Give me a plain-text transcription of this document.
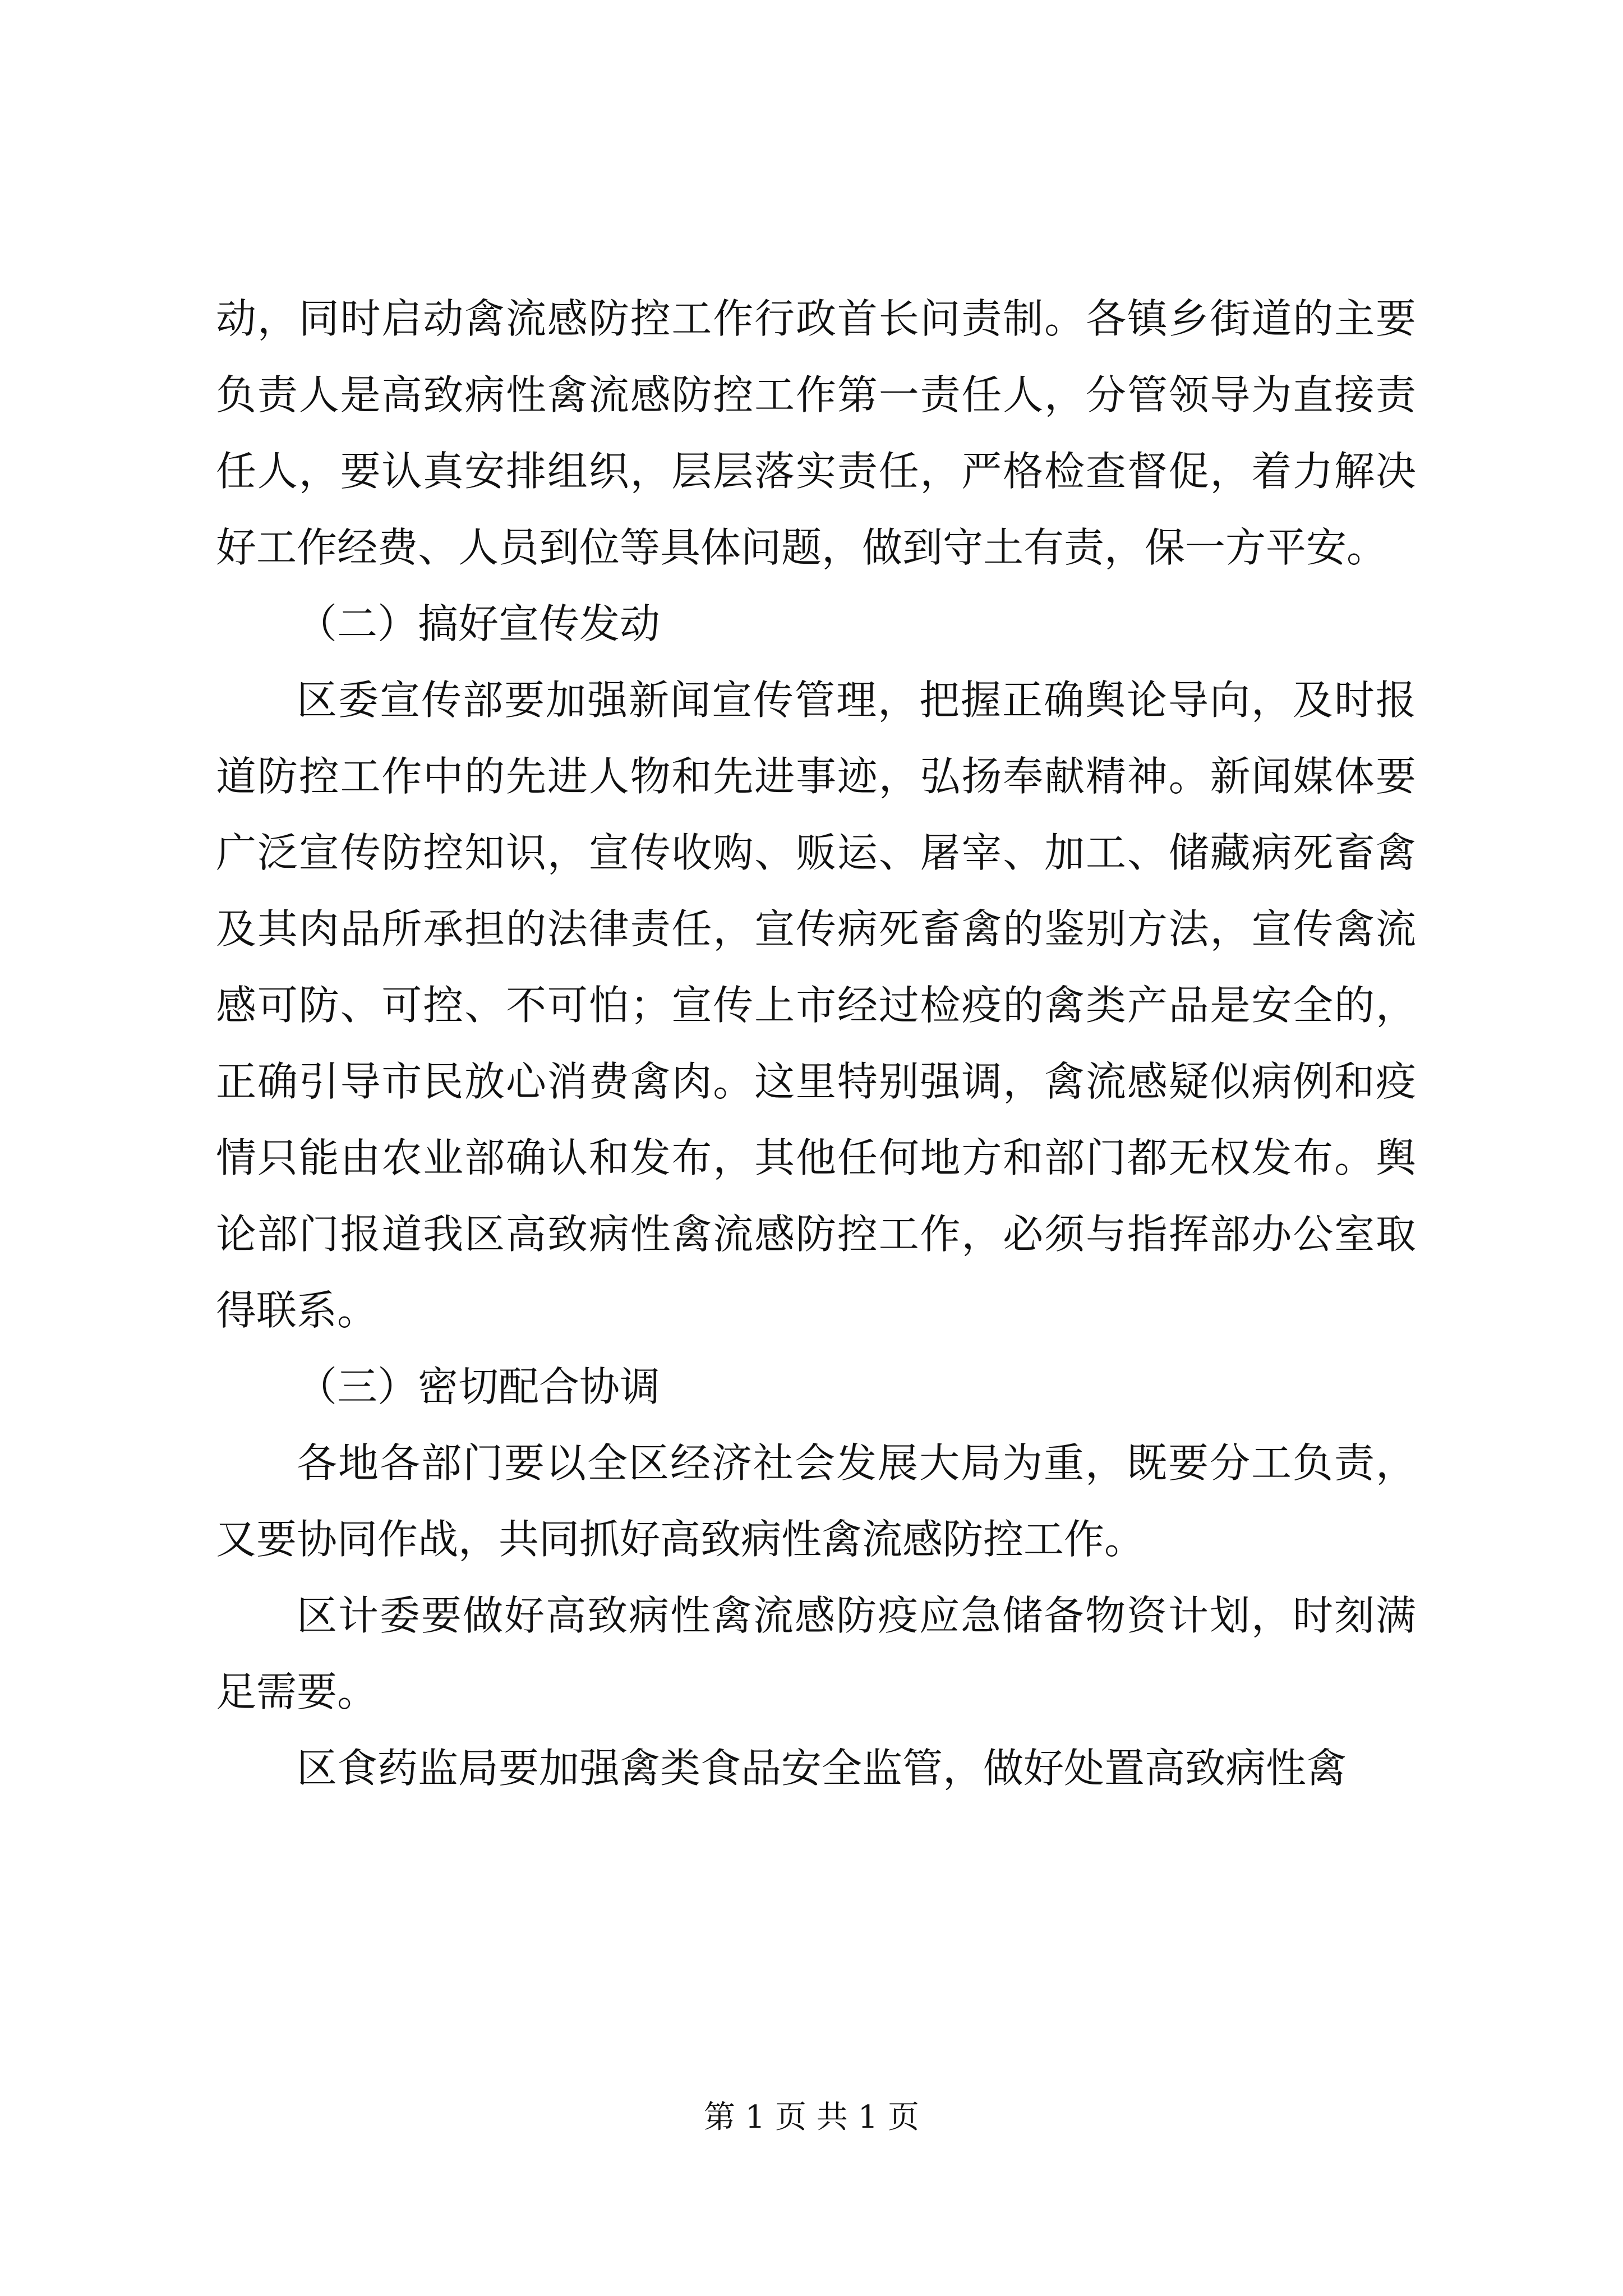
动，同时启动禽流感防控工作行政首长问责制。各镇乡街道的主要负责人是高致病性禽流感防控工作第一责任人，分管领导为直接责任人，要认真安排组织，层层落实责任，严格检查督促，着力解决好工作经费、人员到位等具体问题，做到守土有责，保一方平安。

（二）搞好宣传发动

区委宣传部要加强新闻宣传管理，把握正确舆论导向，及时报道防控工作中的先进人物和先进事迹，弘扬奉献精神。新闻媒体要广泛宣传防控知识，宣传收购、贩运、屠宰、加工、储藏病死畜禽及其肉品所承担的法律责任，宣传病死畜禽的鉴别方法，宣传禽流感可防、可控、不可怕；宣传上市经过检疫的禽类产品是安全的，正确引导市民放心消费禽肉。这里特别强调，禽流感疑似病例和疫情只能由农业部确认和发布，其他任何地方和部门都无权发布。舆论部门报道我区高致病性禽流感防控工作，必须与指挥部办公室取得联系。

（三）密切配合协调

各地各部门要以全区经济社会发展大局为重，既要分工负责，又要协同作战，共同抓好高致病性禽流感防控工作。

区计委要做好高致病性禽流感防疫应急储备物资计划，时刻满足需要。

区食药监局要加强禽类食品安全监管，做好处置高致病性禽

第 1 页 共 1 页
